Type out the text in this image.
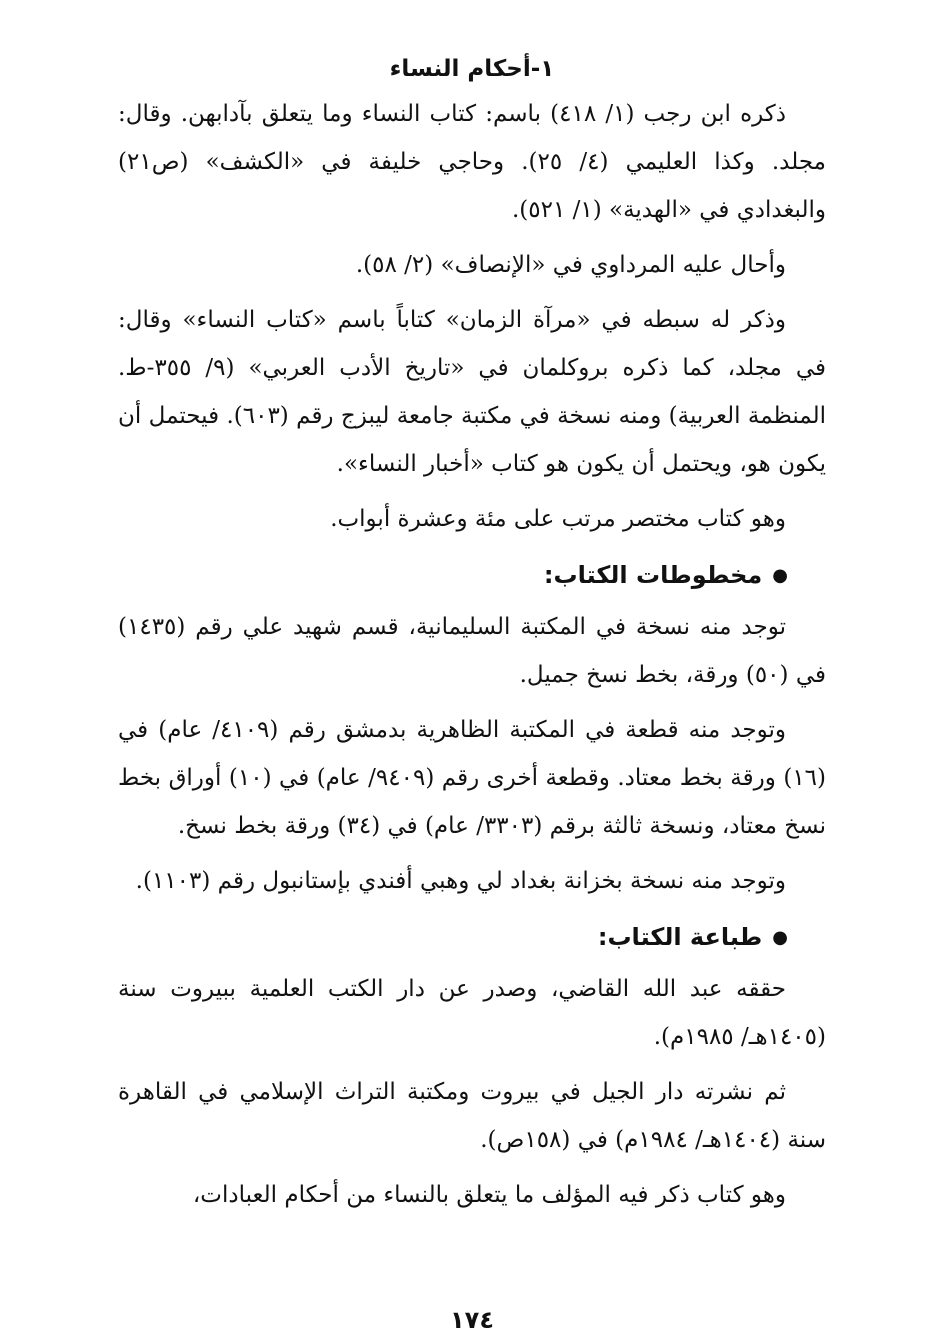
١-أحكام النساء

ذكره ابن رجب (١/ ٤١٨) باسم: كتاب النساء وما يتعلق بآدابهن. وقال: مجلد. وكذا العليمي (٤/ ٢٥). وحاجي خليفة في «الكشف» (ص٢١) والبغدادي في «الهدية» (١/ ٥٢١).

وأحال عليه المرداوي في «الإنصاف» (٢/ ٥٨).

وذكر له سبطه في «مرآة الزمان» كتاباً باسم «كتاب النساء» وقال: في مجلد، كما ذكره بروكلمان في «تاريخ الأدب العربي» (٩/ ٣٥٥-ط. المنظمة العربية) ومنه نسخة في مكتبة جامعة ليبزج رقم (٦٠٣). فيحتمل أن يكون هو، ويحتمل أن يكون هو كتاب «أخبار النساء».

وهو كتاب مختصر مرتب على مئة وعشرة أبواب.

●مخطوطات الكتاب:

توجد منه نسخة في المكتبة السليمانية، قسم شهيد علي رقم (١٤٣٥) في (٥٠) ورقة، بخط نسخ جميل.

وتوجد منه قطعة في المكتبة الظاهرية بدمشق رقم (٤١٠٩/ عام) في (١٦) ورقة بخط معتاد. وقطعة أخرى رقم (٩٤٠٩/ عام) في (١٠) أوراق بخط نسخ معتاد، ونسخة ثالثة برقم (٣٣٠٣/ عام) في (٣٤) ورقة بخط نسخ.

وتوجد منه نسخة بخزانة بغداد لي وهبي أفندي بإستانبول رقم (١١٠٣).

●طباعة الكتاب:

حققه عبد الله القاضي، وصدر عن دار الكتب العلمية ببيروت سنة (١٤٠٥هـ/ ١٩٨٥م).

ثم نشرته دار الجيل في بيروت ومكتبة التراث الإسلامي في القاهرة سنة (١٤٠٤هـ/ ١٩٨٤م) في (١٥٨ص).

وهو كتاب ذكر فيه المؤلف ما يتعلق بالنساء من أحكام العبادات،

١٧٤
